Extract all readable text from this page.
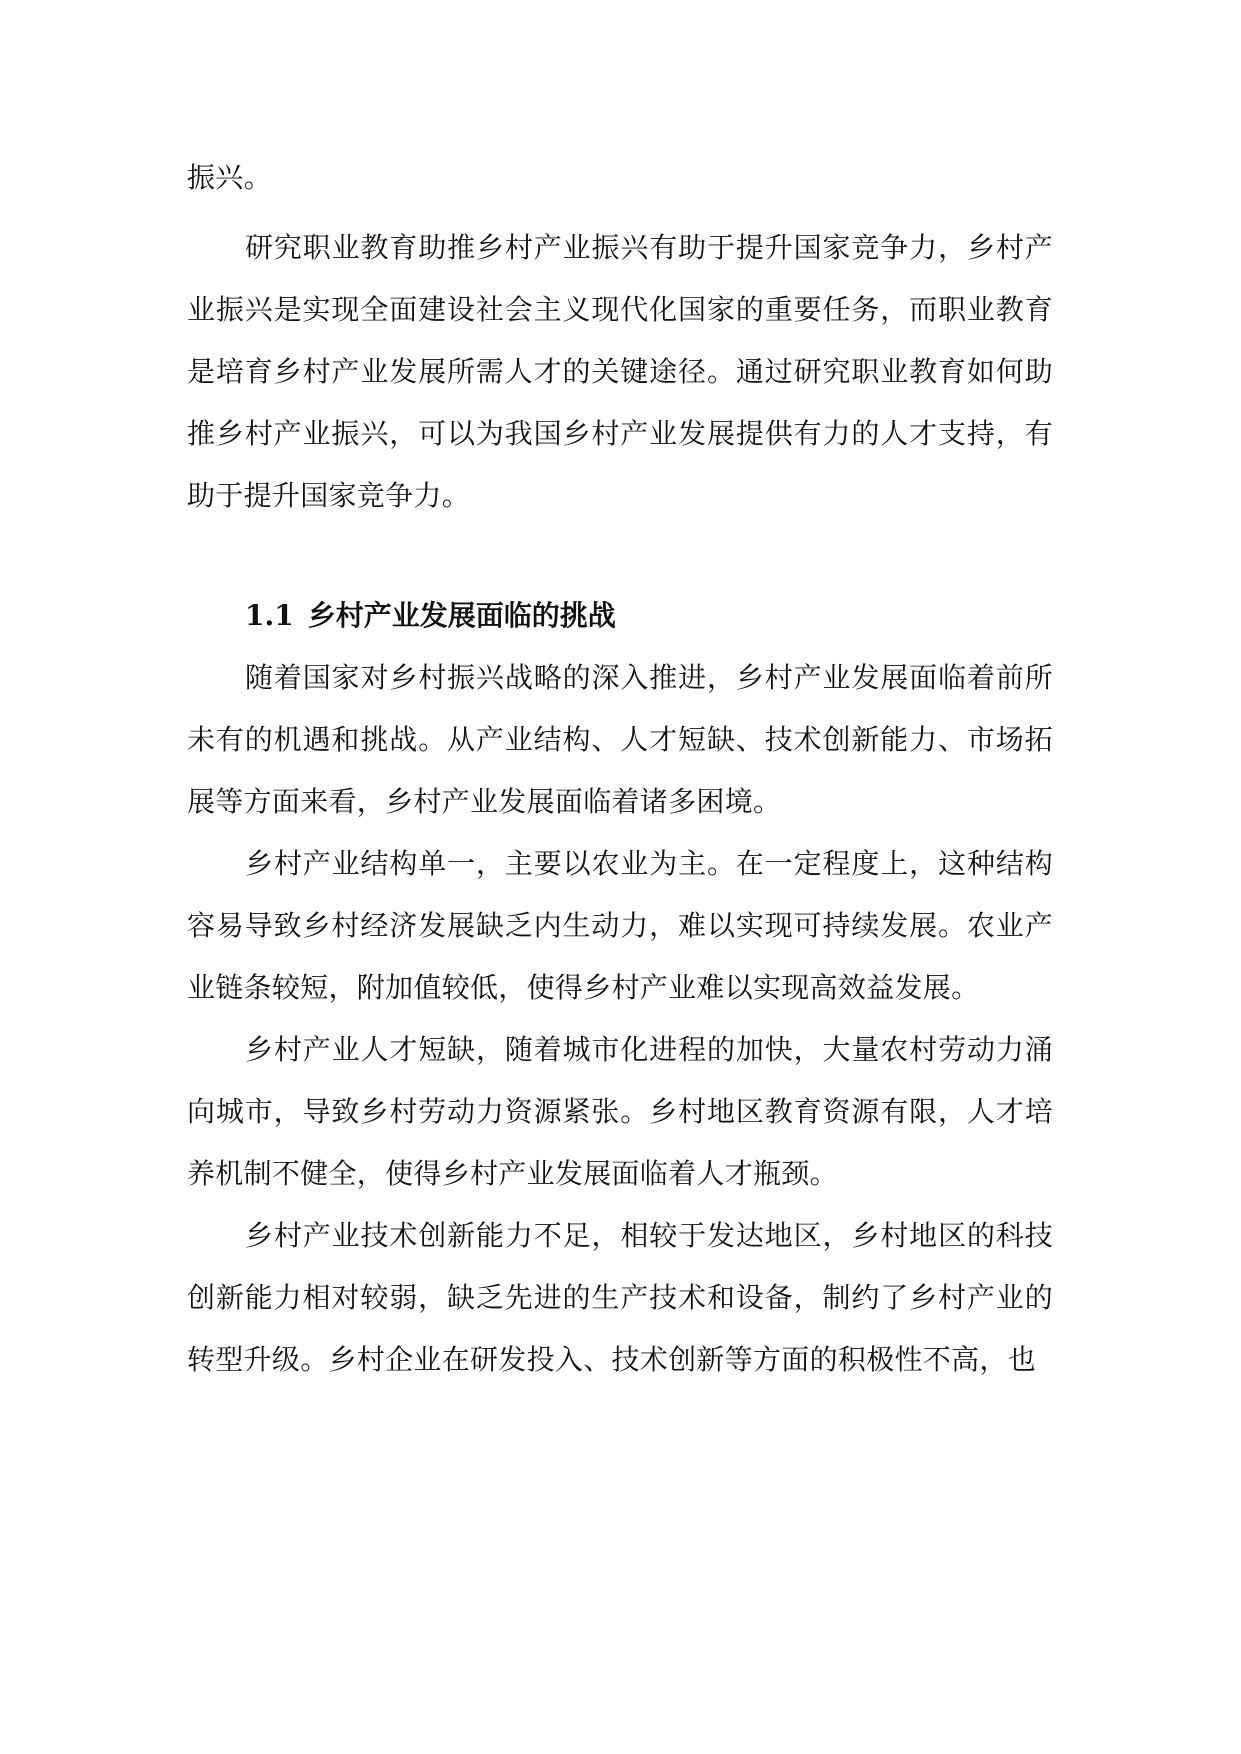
振兴。

研究职业教育助推乡村产业振兴有助于提升国家竞争力，乡村产业振兴是实现全面建设社会主义现代化国家的重要任务，而职业教育是培育乡村产业发展所需人才的关键途径。通过研究职业教育如何助推乡村产业振兴，可以为我国乡村产业发展提供有力的人才支持，有助于提升国家竞争力。

1.1 乡村产业发展面临的挑战

随着国家对乡村振兴战略的深入推进，乡村产业发展面临着前所未有的机遇和挑战。从产业结构、人才短缺、技术创新能力、市场拓展等方面来看，乡村产业发展面临着诸多困境。

乡村产业结构单一，主要以农业为主。在一定程度上，这种结构容易导致乡村经济发展缺乏内生动力，难以实现可持续发展。农业产业链条较短，附加值较低，使得乡村产业难以实现高效益发展。

乡村产业人才短缺，随着城市化进程的加快，大量农村劳动力涌向城市，导致乡村劳动力资源紧张。乡村地区教育资源有限，人才培养机制不健全，使得乡村产业发展面临着人才瓶颈。

乡村产业技术创新能力不足，相较于发达地区，乡村地区的科技创新能力相对较弱，缺乏先进的生产技术和设备，制约了乡村产业的转型升级。乡村企业在研发投入、技术创新等方面的积极性不高，也
